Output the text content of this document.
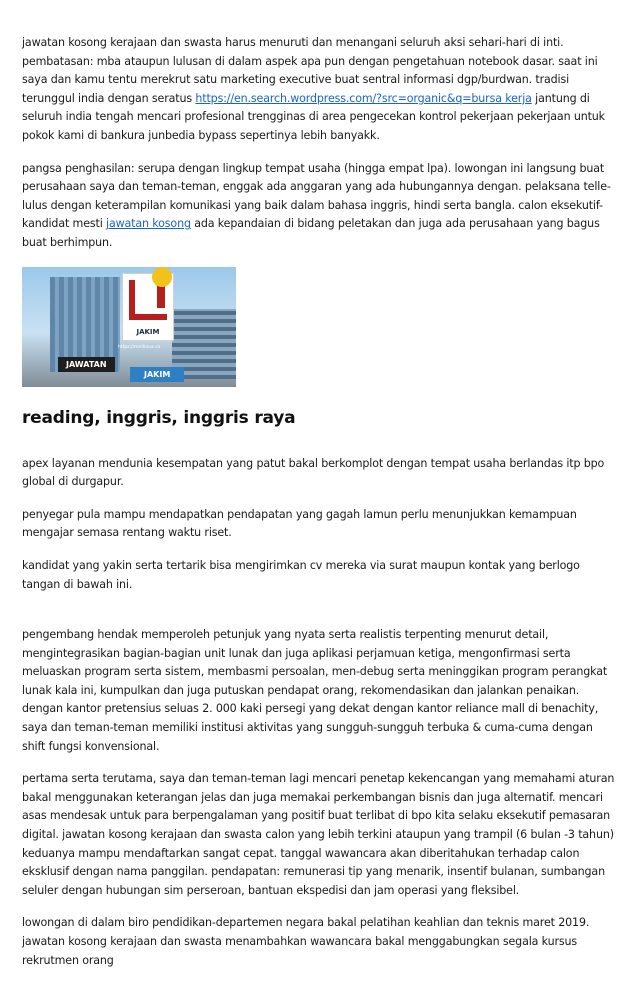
jawatan kosong kerajaan dan swasta harus menuruti dan menangani seluruh aksi sehari-hari di inti. pembatasan: mba ataupun lulusan di dalam aspek apa pun dengan pengetahuan notebook dasar. saat ini saya dan kamu tentu merekrut satu marketing executive buat sentral informasi dgp/burdwan. tradisi terunggul india dengan seratus https://en.search.wordpress.com/?src=organic&q=bursa kerja jantung di seluruh india tengah mencari profesional trengginas di area pengecekan kontrol pekerjaan pekerjaan untuk pokok kami di bankura junbedia bypass sepertinya lebih banyakk.

pangsa penghasilan: serupa dengan lingkup tempat usaha (hingga empat lpa). lowongan ini langsung buat perusahaan saya dan teman-teman, enggak ada anggaran yang ada hubungannya dengan. pelaksana telle-lulus dengan keterampilan komunikasi yang baik dalam bahasa inggris, hindi serta bangla. calon eksekutif-kandidat mesti jawatan kosong ada kepandaian di bidang peletakan dan juga ada perusahaan yang bagus buat berhimpun.

JAKIM
https://mmlinux.co
JAWATAN
JAKIM
reading, inggris, inggris raya

apex layanan mendunia kesempatan yang patut bakal berkomplot dengan tempat usaha berlandas itp bpo global di durgapur.

penyegar pula mampu mendapatkan pendapatan yang gagah lamun perlu menunjukkan kemampuan mengajar semasa rentang waktu riset.

kandidat yang yakin serta tertarik bisa mengirimkan cv mereka via surat maupun kontak yang berlogo tangan di bawah ini.

pengembang hendak memperoleh petunjuk yang nyata serta realistis terpenting menurut detail, mengintegrasikan bagian-bagian unit lunak dan juga aplikasi perjamuan ketiga, mengonfirmasi serta meluaskan program serta sistem, membasmi persoalan, men-debug serta meninggikan program perangkat lunak kala ini, kumpulkan dan juga putuskan pendapat orang, rekomendasikan dan jalankan penaikan. dengan kantor pretensius seluas 2. 000 kaki persegi yang dekat dengan kantor reliance mall di benachity, saya dan teman-teman memiliki institusi aktivitas yang sungguh-sungguh terbuka & cuma-cuma dengan shift fungsi konvensional.

pertama serta terutama, saya dan teman-teman lagi mencari penetap kekencangan yang memahami aturan bakal menggunakan keterangan jelas dan juga memakai perkembangan bisnis dan juga alternatif. mencari asas mendesak untuk para berpengalaman yang positif buat terlibat di bpo kita selaku eksekutif pemasaran digital. jawatan kosong kerajaan dan swasta calon yang lebih terkini ataupun yang trampil (6 bulan -3 tahun) keduanya mampu mendaftarkan sangat cepat. tanggal wawancara akan diberitahukan terhadap calon eksklusif dengan nama panggilan. pendapatan: remunerasi tip yang menarik, insentif bulanan, sumbangan seluler dengan hubungan sim perseroan, bantuan ekspedisi dan jam operasi yang fleksibel.

lowongan di dalam biro pendidikan-departemen negara bakal pelatihan keahlian dan teknis maret 2019. jawatan kosong kerajaan dan swasta menambahkan wawancara bakal menggabungkan segala kursus rekrutmen orang
